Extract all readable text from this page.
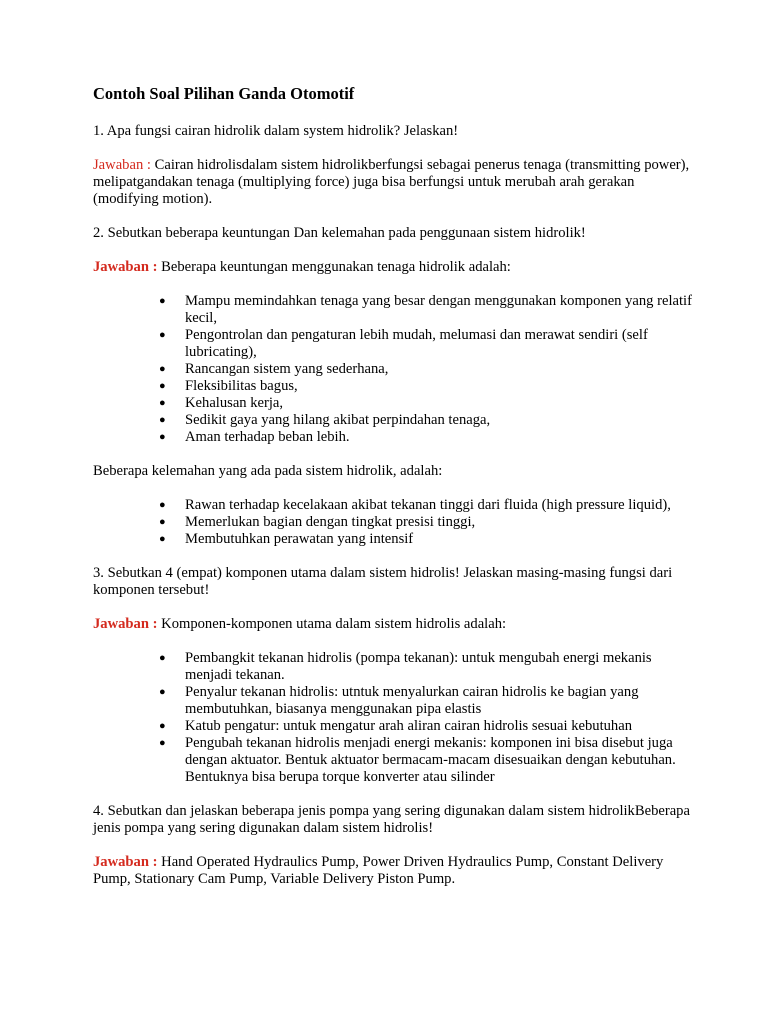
Contoh Soal Pilihan Ganda Otomotif

1. Apa fungsi cairan hidrolik dalam system hidrolik? Jelaskan!

Jawaban : Cairan hidrolisdalam sistem hidrolikberfungsi sebagai penerus tenaga (transmitting power), melipatgandakan tenaga (multiplying force) juga bisa berfungsi untuk merubah arah gerakan (modifying motion).

2. Sebutkan beberapa keuntungan Dan kelemahan pada penggunaan sistem hidrolik!

Jawaban : Beberapa keuntungan menggunakan tenaga hidrolik adalah:

● Mampu memindahkan tenaga yang besar dengan menggunakan komponen yang relatif kecil,
● Pengontrolan dan pengaturan lebih mudah, melumasi dan merawat sendiri (self lubricating),
● Rancangan sistem yang sederhana,
● Fleksibilitas bagus,
● Kehalusan kerja,
● Sedikit gaya yang hilang akibat perpindahan tenaga,
● Aman terhadap beban lebih.

Beberapa kelemahan yang ada pada sistem hidrolik, adalah:

● Rawan terhadap kecelakaan akibat tekanan tinggi dari fluida (high pressure liquid),
● Memerlukan bagian dengan tingkat presisi tinggi,
● Membutuhkan perawatan yang intensif

3. Sebutkan 4 (empat) komponen utama dalam sistem hidrolis! Jelaskan masing-masing fungsi dari komponen tersebut!

Jawaban : Komponen-komponen utama dalam sistem hidrolis adalah:

● Pembangkit tekanan hidrolis (pompa tekanan): untuk mengubah energi mekanis menjadi tekanan.
● Penyalur tekanan hidrolis: utntuk menyalurkan cairan hidrolis ke bagian yang membutuhkan, biasanya menggunakan pipa elastis
● Katub pengatur: untuk mengatur arah aliran cairan hidrolis sesuai kebutuhan
● Pengubah tekanan hidrolis menjadi energi mekanis: komponen ini bisa disebut juga dengan aktuator. Bentuk aktuator bermacam-macam disesuaikan dengan kebutuhan. Bentuknya bisa berupa torque konverter atau silinder

4. Sebutkan dan jelaskan beberapa jenis pompa yang sering digunakan dalam sistem hidrolikBeberapa jenis pompa yang sering digunakan dalam sistem hidrolis!

Jawaban : Hand Operated Hydraulics Pump, Power Driven Hydraulics Pump, Constant Delivery Pump, Stationary Cam Pump, Variable Delivery Piston Pump.
